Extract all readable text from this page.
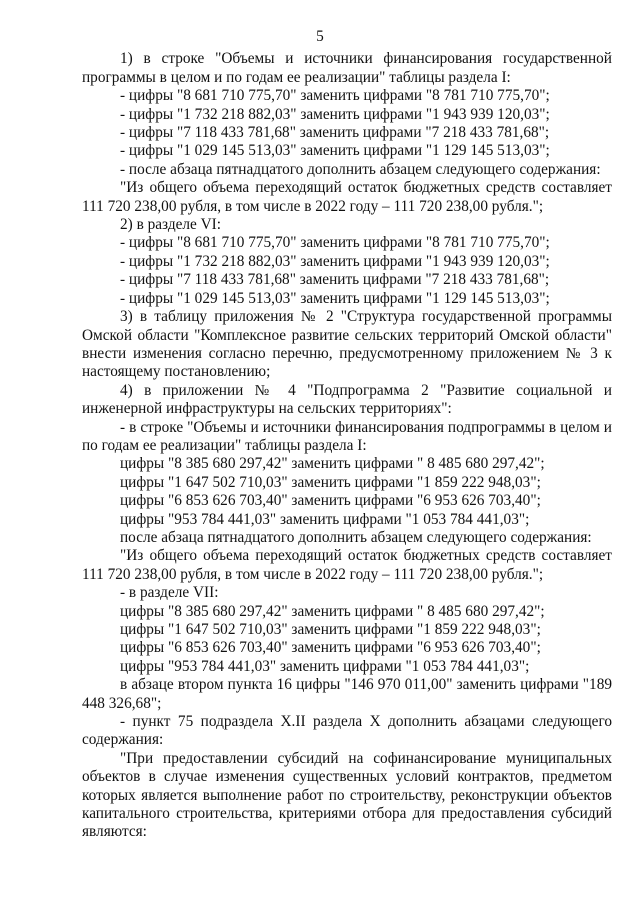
5

1) в строке "Объемы и источники финансирования государственной программы в целом и по годам ее реализации" таблицы раздела I:

- цифры "8 681 710 775,70" заменить цифрами "8 781 710 775,70";

- цифры "1 732 218 882,03" заменить цифрами "1 943 939 120,03";

- цифры "7 118 433 781,68" заменить цифрами "7 218 433 781,68";

- цифры "1 029 145 513,03" заменить цифрами "1 129 145 513,03";

- после абзаца пятнадцатого дополнить абзацем следующего содержания:

"Из общего объема переходящий остаток бюджетных средств составляет 111 720 238,00 рубля, в том числе в 2022 году – 111 720 238,00 рубля.";

2) в разделе VI:

- цифры "8 681 710 775,70" заменить цифрами "8 781 710 775,70";

- цифры "1 732 218 882,03" заменить цифрами "1 943 939 120,03";

- цифры "7 118 433 781,68" заменить цифрами "7 218 433 781,68";

- цифры "1 029 145 513,03" заменить цифрами "1 129 145 513,03";

3) в таблицу приложения № 2 "Структура государственной программы Омской области "Комплексное развитие сельских территорий Омской области" внести изменения согласно перечню, предусмотренному приложением № 3 к настоящему постановлению;

4) в приложении № 4 "Подпрограмма 2 "Развитие социальной и инженерной инфраструктуры на сельских территориях":

- в строке "Объемы и источники финансирования подпрограммы в целом и по годам ее реализации" таблицы раздела I:

цифры "8 385 680 297,42" заменить цифрами " 8 485 680 297,42";

цифры "1 647 502 710,03" заменить цифрами "1 859 222 948,03";

цифры "6 853 626 703,40" заменить цифрами "6 953 626 703,40";

цифры "953 784 441,03" заменить цифрами "1 053 784 441,03";

после абзаца пятнадцатого дополнить абзацем следующего содержания:

"Из общего объема переходящий остаток бюджетных средств составляет 111 720 238,00 рубля, в том числе в 2022 году – 111 720 238,00 рубля.";

- в разделе VII:

цифры "8 385 680 297,42" заменить цифрами " 8 485 680 297,42";

цифры "1 647 502 710,03" заменить цифрами "1 859 222 948,03";

цифры "6 853 626 703,40" заменить цифрами "6 953 626 703,40";

цифры "953 784 441,03" заменить цифрами "1 053 784 441,03";

в абзаце втором пункта 16 цифры "146 970 011,00" заменить цифрами "189 448 326,68";

- пункт 75 подраздела X.II раздела X дополнить абзацами следующего содержания:

"При предоставлении субсидий на софинансирование муниципальных объектов в случае изменения существенных условий контрактов, предметом которых является выполнение работ по строительству, реконструкции объектов капитального строительства, критериями отбора для предоставления субсидий являются:
